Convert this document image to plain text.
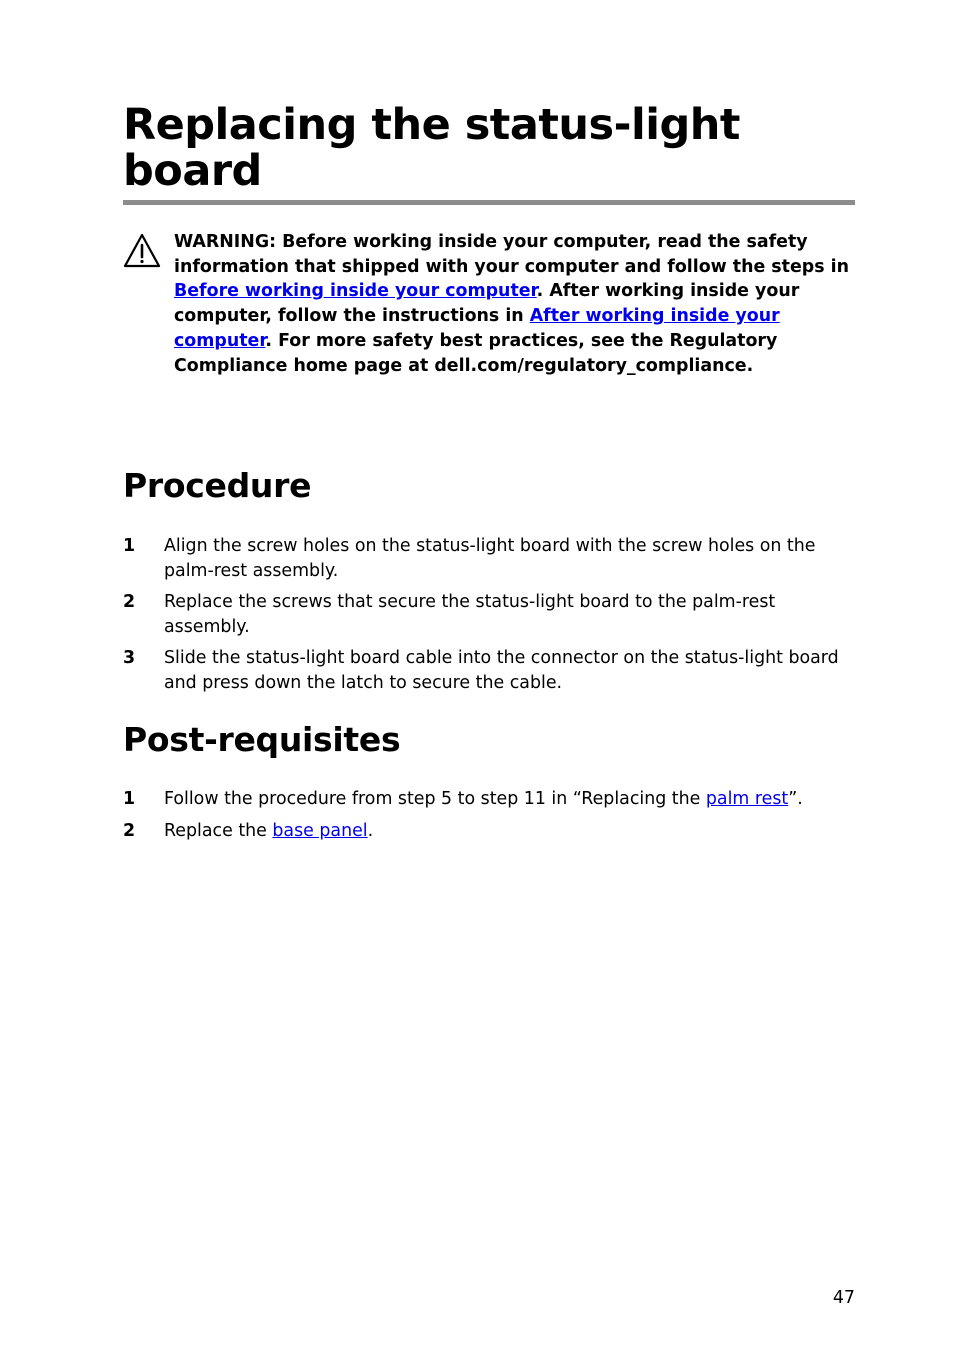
Replacing the status-light board
WARNING: Before working inside your computer, read the safety information that shipped with your computer and follow the steps in Before working inside your computer. After working inside your computer, follow the instructions in After working inside your computer. For more safety best practices, see the Regulatory Compliance home page at dell.com/regulatory_compliance.
Procedure
1 Align the screw holes on the status-light board with the screw holes on the palm-rest assembly.
2 Replace the screws that secure the status-light board to the palm-rest assembly.
3 Slide the status-light board cable into the connector on the status-light board and press down the latch to secure the cable.
Post-requisites
1 Follow the procedure from step 5 to step 11 in “Replacing the palm rest”.
2 Replace the base panel.
47
